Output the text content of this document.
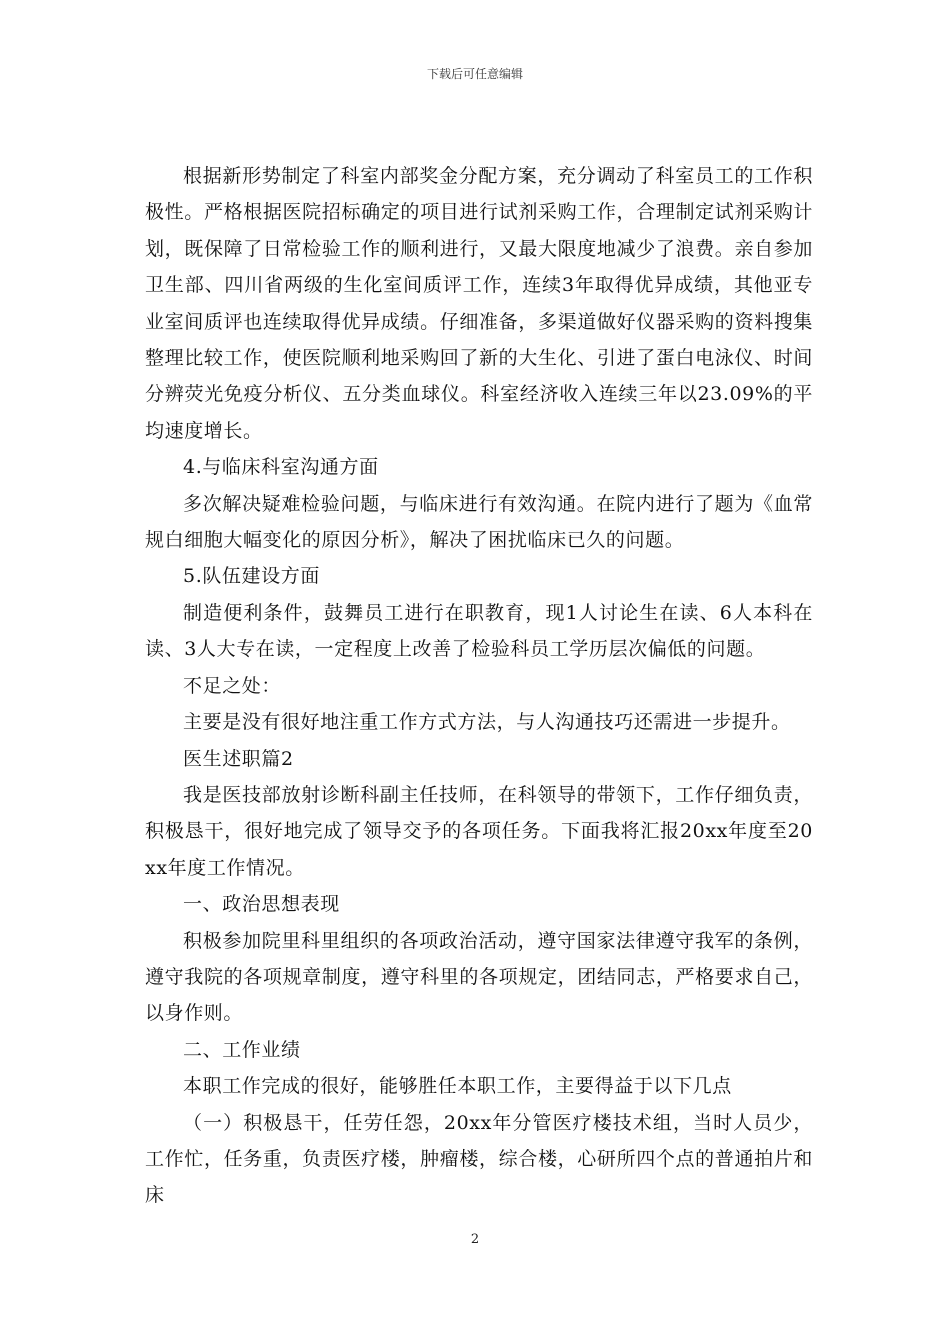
下载后可任意编辑

根据新形势制定了科室内部奖金分配方案，充分调动了科室员工的工作积极性。严格根据医院招标确定的项目进行试剂采购工作，合理制定试剂采购计划，既保障了日常检验工作的顺利进行，又最大限度地减少了浪费。亲自参加卫生部、四川省两级的生化室间质评工作，连续3年取得优异成绩，其他亚专业室间质评也连续取得优异成绩。仔细准备，多渠道做好仪器采购的资料搜集整理比较工作，使医院顺利地采购回了新的大生化、引进了蛋白电泳仪、时间分辨荧光免疫分析仪、五分类血球仪。科室经济收入连续三年以23.09%的平均速度增长。

4.与临床科室沟通方面

多次解决疑难检验问题，与临床进行有效沟通。在院内进行了题为《血常规白细胞大幅变化的原因分析》，解决了困扰临床已久的问题。

5.队伍建设方面

制造便利条件，鼓舞员工进行在职教育，现1人讨论生在读、6人本科在读、3人大专在读，一定程度上改善了检验科员工学历层次偏低的问题。

不足之处：

主要是没有很好地注重工作方式方法，与人沟通技巧还需进一步提升。

医生述职篇2

我是医技部放射诊断科副主任技师，在科领导的带领下，工作仔细负责，积极恳干，很好地完成了领导交予的各项任务。下面我将汇报20xx年度至20xx年度工作情况。

一、政治思想表现

积极参加院里科里组织的各项政治活动，遵守国家法律遵守我军的条例，遵守我院的各项规章制度，遵守科里的各项规定，团结同志，严格要求自己，以身作则。

二、工作业绩

本职工作完成的很好，能够胜任本职工作，主要得益于以下几点

（一）积极恳干，任劳任怨，20xx年分管医疗楼技术组，当时人员少，工作忙，任务重，负责医疗楼，肿瘤楼，综合楼，心研所四个点的普通拍片和床

2
